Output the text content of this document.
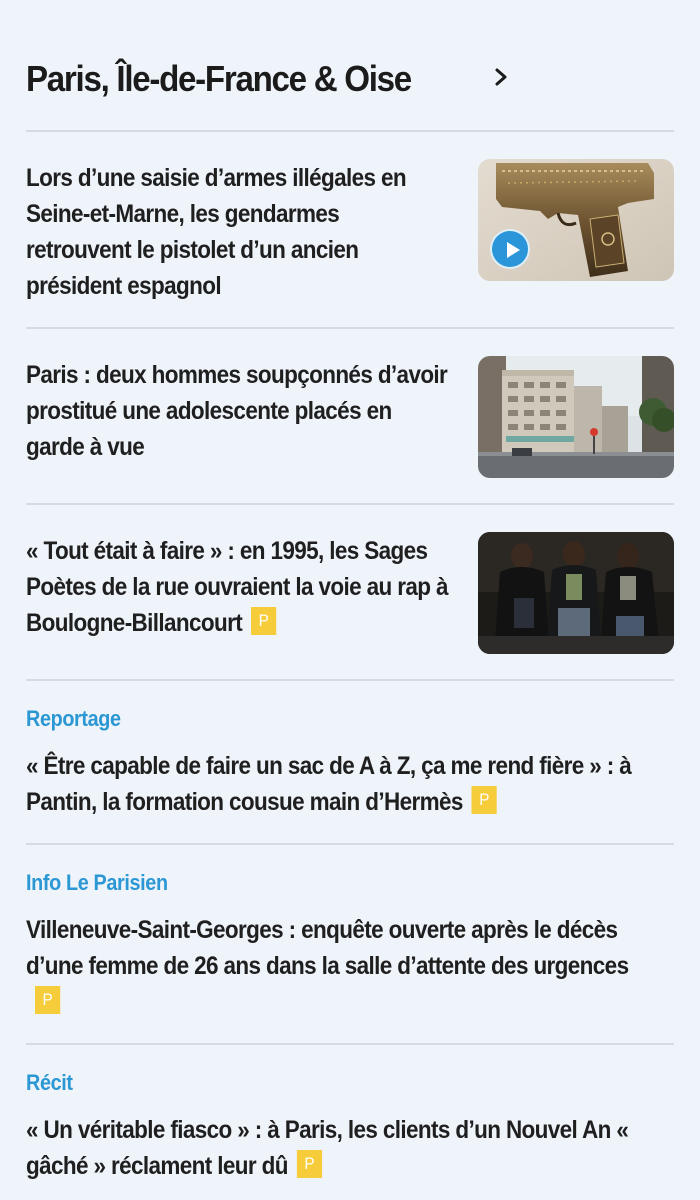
Paris, Île-de-France & Oise

Lors d’une saisie d’armes illégales en Seine-et-Marne, les gendarmes retrouvent le pistolet d’un ancien président espagnol

Paris : deux hommes soupçonnés d’avoir prostitué une adolescente placés en garde à vue

« Tout était à faire » : en 1995, les Sages Poètes de la rue ouvraient la voie au rap à Boulogne-Billancourt P

Reportage

« Être capable de faire un sac de A à Z, ça me rend fière » : à Pantin, la formation cousue main d’Hermès P

Info Le Parisien

Villeneuve-Saint-Georges : enquête ouverte après le décès d’une femme de 26 ans dans la salle d’attente des urgencesP

Récit

« Un véritable fiasco » : à Paris, les clients d’un Nouvel An « gâché » réclament leur dû P
